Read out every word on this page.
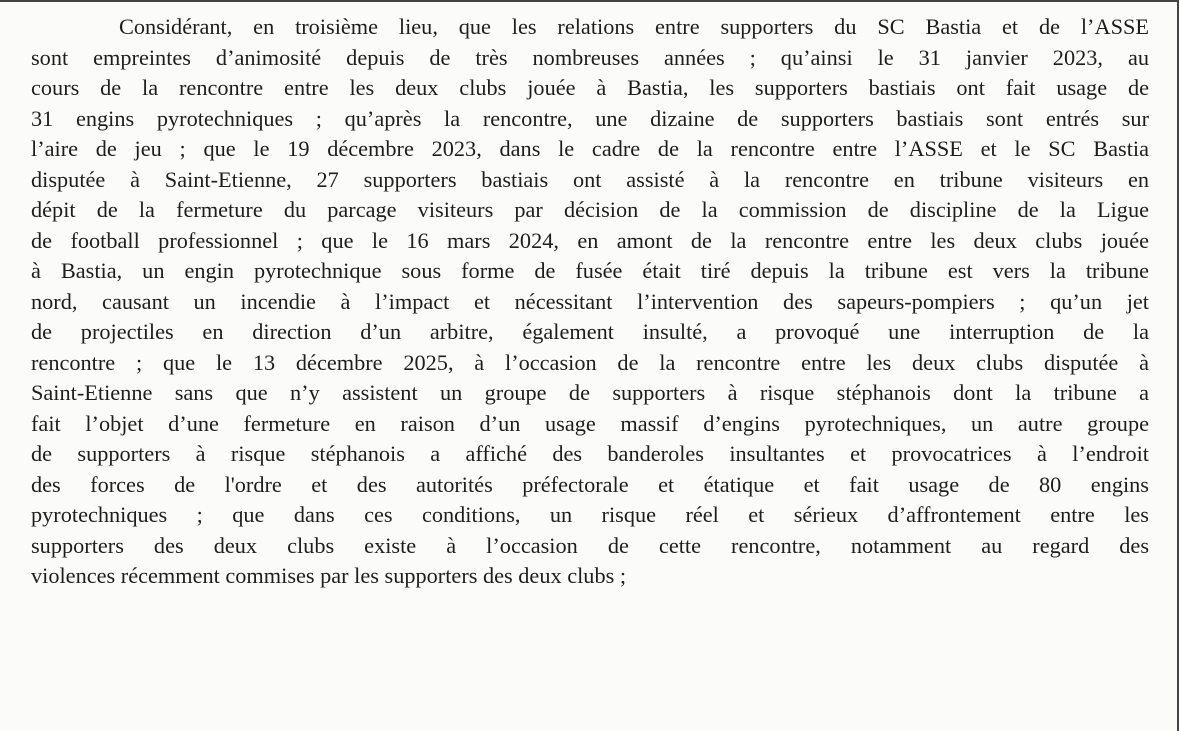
Considérant, en troisième lieu, que les relations entre supporters du SC Bastia et de l’ASSE
sont empreintes d’animosité depuis de très nombreuses années ; qu’ainsi le 31 janvier 2023, au
cours de la rencontre entre les deux clubs jouée à Bastia, les supporters bastiais ont fait usage de
31 engins pyrotechniques ; qu’après la rencontre, une dizaine de supporters bastiais sont entrés sur
l’aire de jeu ; que le 19 décembre 2023, dans le cadre de la rencontre entre l’ASSE et le SC Bastia
disputée à Saint-Etienne, 27 supporters bastiais ont assisté à la rencontre en tribune visiteurs en
dépit de la fermeture du parcage visiteurs par décision de la commission de discipline de la Ligue
de football professionnel ; que le 16 mars 2024, en amont de la rencontre entre les deux clubs jouée
à Bastia, un engin pyrotechnique sous forme de fusée était tiré depuis la tribune est vers la tribune
nord, causant un incendie à l’impact et nécessitant l’intervention des sapeurs-pompiers ; qu’un jet
de projectiles en direction d’un arbitre, également insulté, a provoqué une interruption de la
rencontre ; que le 13 décembre 2025, à l’occasion de la rencontre entre les deux clubs disputée à
Saint-Etienne sans que n’y assistent un groupe de supporters à risque stéphanois dont la tribune a
fait l’objet d’une fermeture en raison d’un usage massif d’engins pyrotechniques, un autre groupe
de supporters à risque stéphanois a affiché des banderoles insultantes et provocatrices à l’endroit
des forces de l'ordre et des autorités préfectorale et étatique et fait usage de 80 engins
pyrotechniques ; que dans ces conditions, un risque réel et sérieux d’affrontement entre les
supporters des deux clubs existe à l’occasion de cette rencontre, notamment au regard des
violences récemment commises par les supporters des deux clubs ;
